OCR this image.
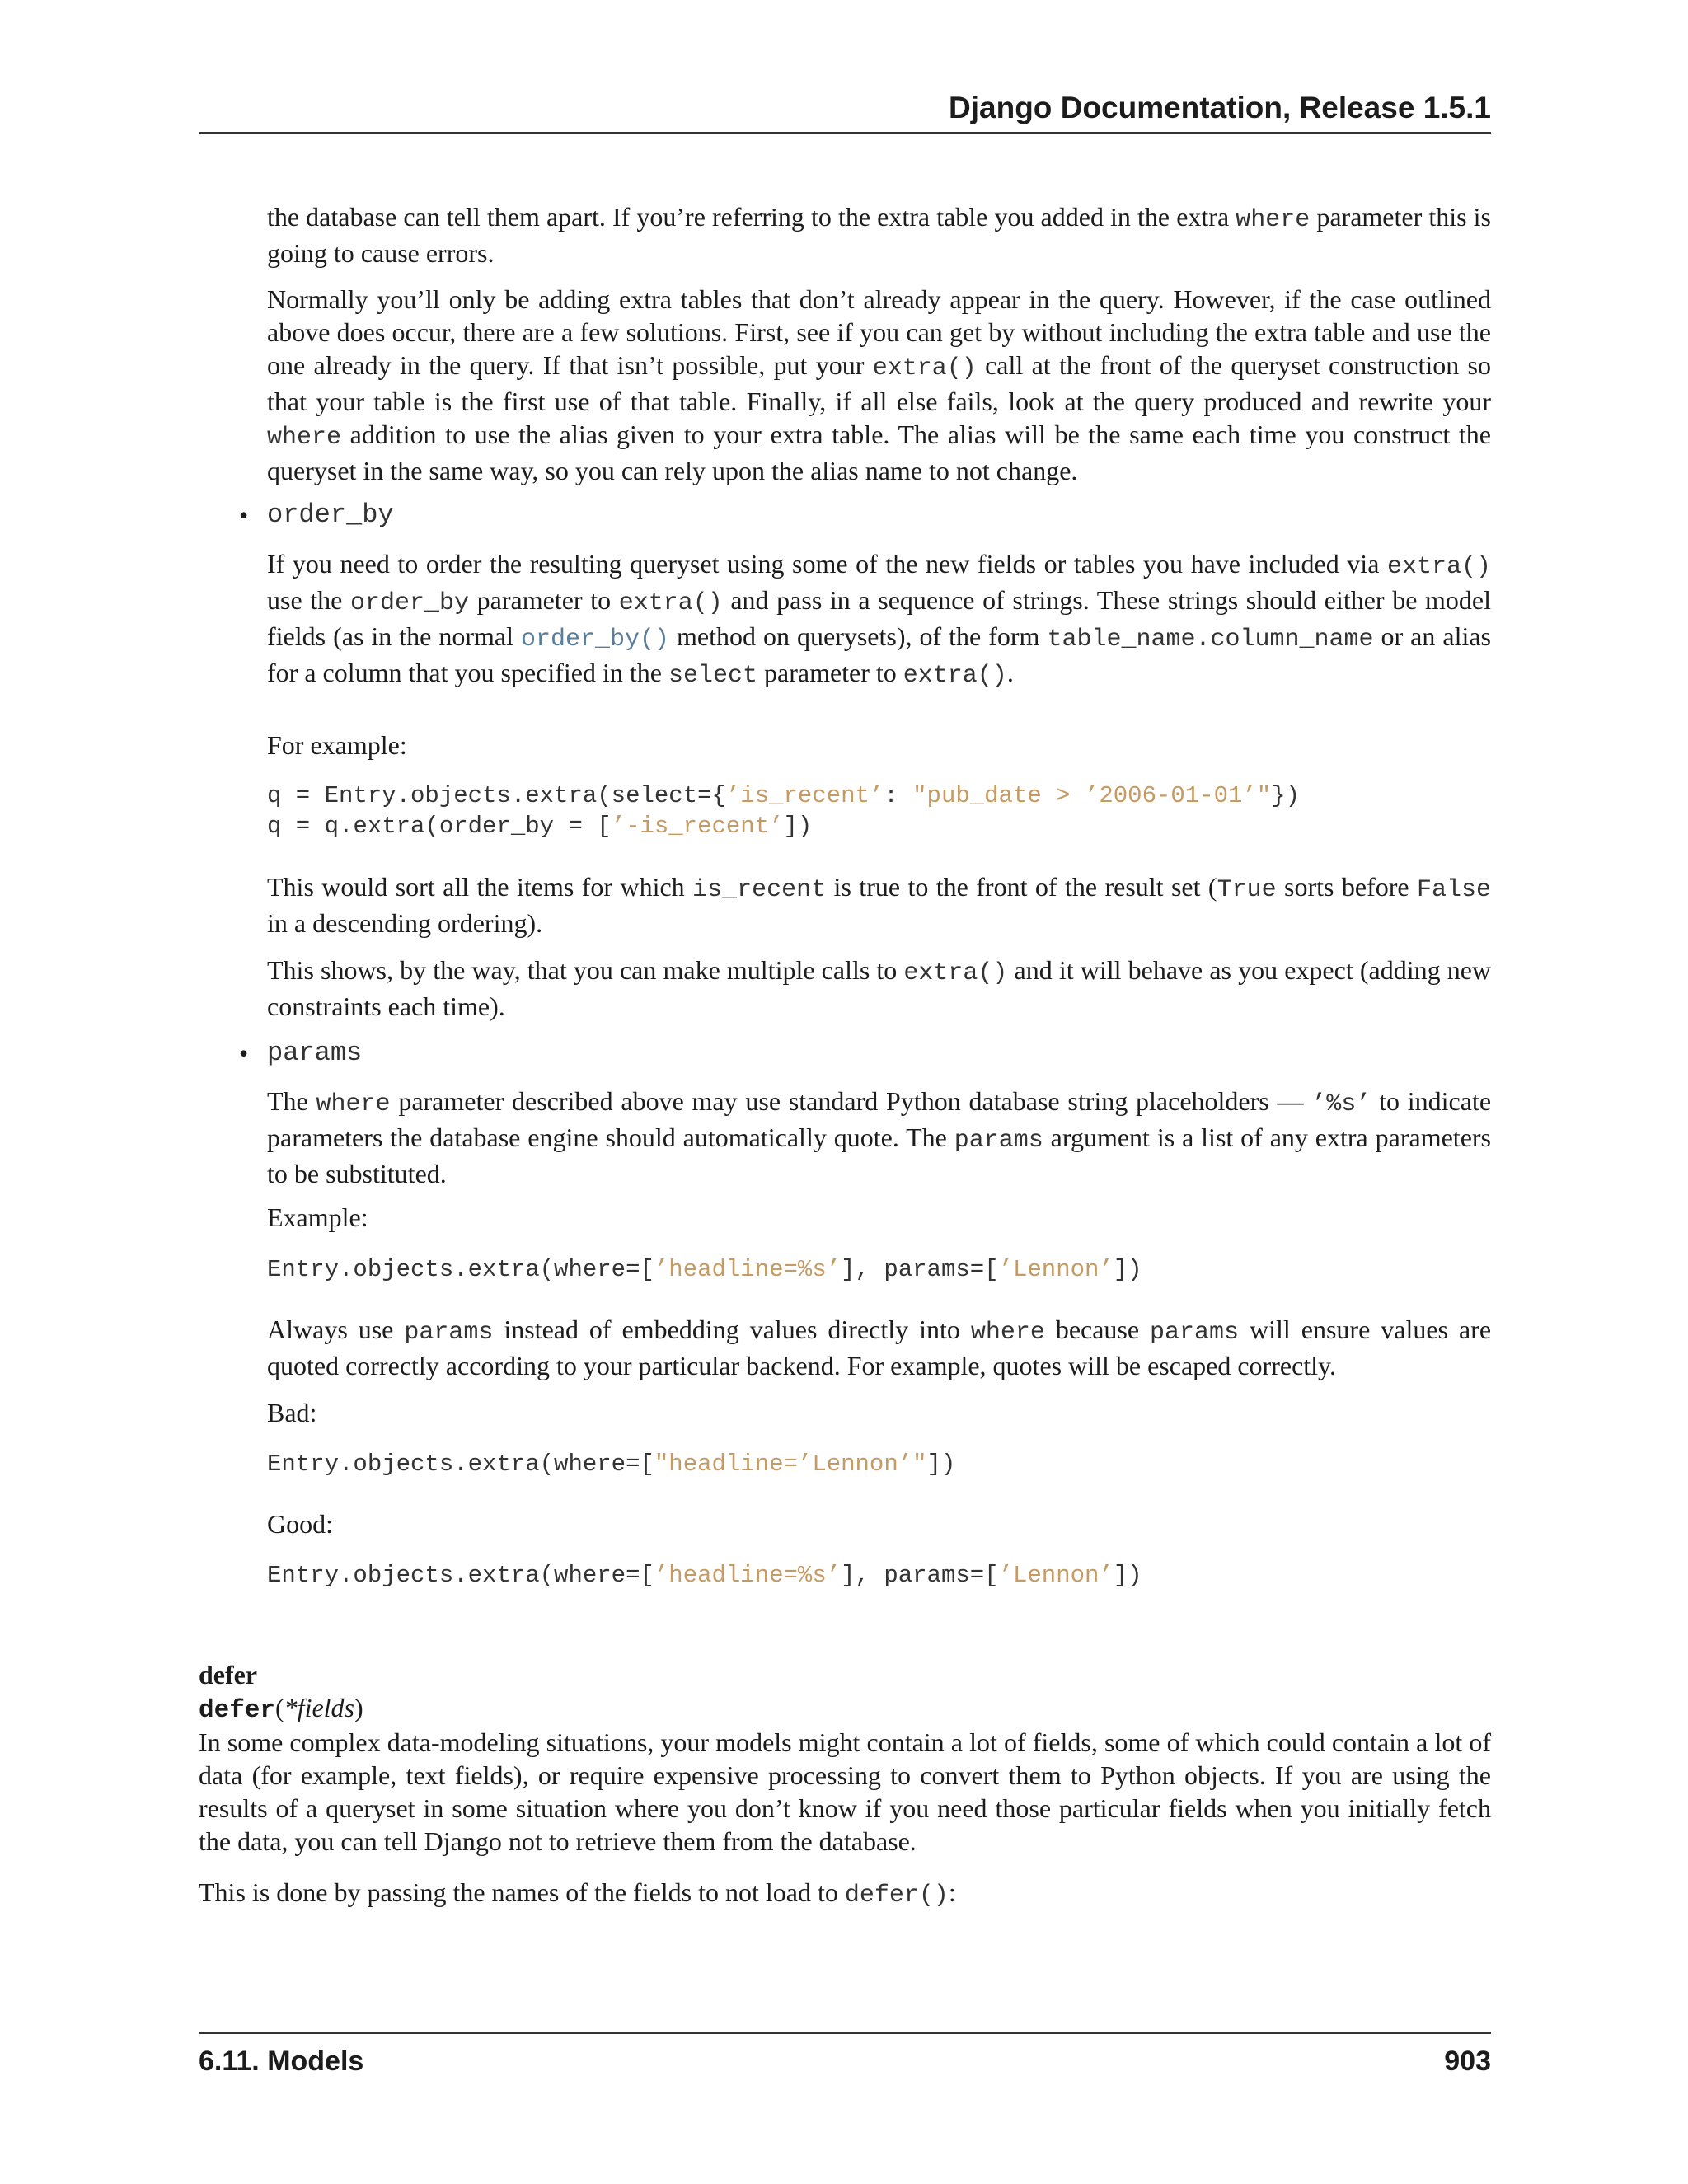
Django Documentation, Release 1.5.1

the database can tell them apart. If you’re referring to the extra table you added in the extra where parameter this is going to cause errors.

Normally you’ll only be adding extra tables that don’t already appear in the query. However, if the case outlined above does occur, there are a few solutions. First, see if you can get by without including the extra table and use the one already in the query. If that isn’t possible, put your extra() call at the front of the queryset construction so that your table is the first use of that table. Finally, if all else fails, look at the query produced and rewrite your where addition to use the alias given to your extra table. The alias will be the same each time you construct the queryset in the same way, so you can rely upon the alias name to not change.

• order_by

If you need to order the resulting queryset using some of the new fields or tables you have included via extra() use the order_by parameter to extra() and pass in a sequence of strings. These strings should either be model fields (as in the normal order_by() method on querysets), of the form table_name.column_name or an alias for a column that you specified in the select parameter to extra().

For example:

q = Entry.objects.extra(select={’is_recent’: "pub_date > ’2006-01-01’"})
q = q.extra(order_by = [’-is_recent’])

This would sort all the items for which is_recent is true to the front of the result set (True sorts before False in a descending ordering).

This shows, by the way, that you can make multiple calls to extra() and it will behave as you expect (adding new constraints each time).

• params

The where parameter described above may use standard Python database string placeholders — ’%s’ to indicate parameters the database engine should automatically quote. The params argument is a list of any extra parameters to be substituted.

Example:

Entry.objects.extra(where=[’headline=%s’], params=[’Lennon’])

Always use params instead of embedding values directly into where because params will ensure values are quoted correctly according to your particular backend. For example, quotes will be escaped correctly.

Bad:

Entry.objects.extra(where=["headline=’Lennon’"])

Good:

Entry.objects.extra(where=[’headline=%s’], params=[’Lennon’])
defer
defer(*fields)

In some complex data-modeling situations, your models might contain a lot of fields, some of which could contain a lot of data (for example, text fields), or require expensive processing to convert them to Python objects. If you are using the results of a queryset in some situation where you don’t know if you need those particular fields when you initially fetch the data, you can tell Django not to retrieve them from the database.

This is done by passing the names of the fields to not load to defer():

6.11. Models	903
